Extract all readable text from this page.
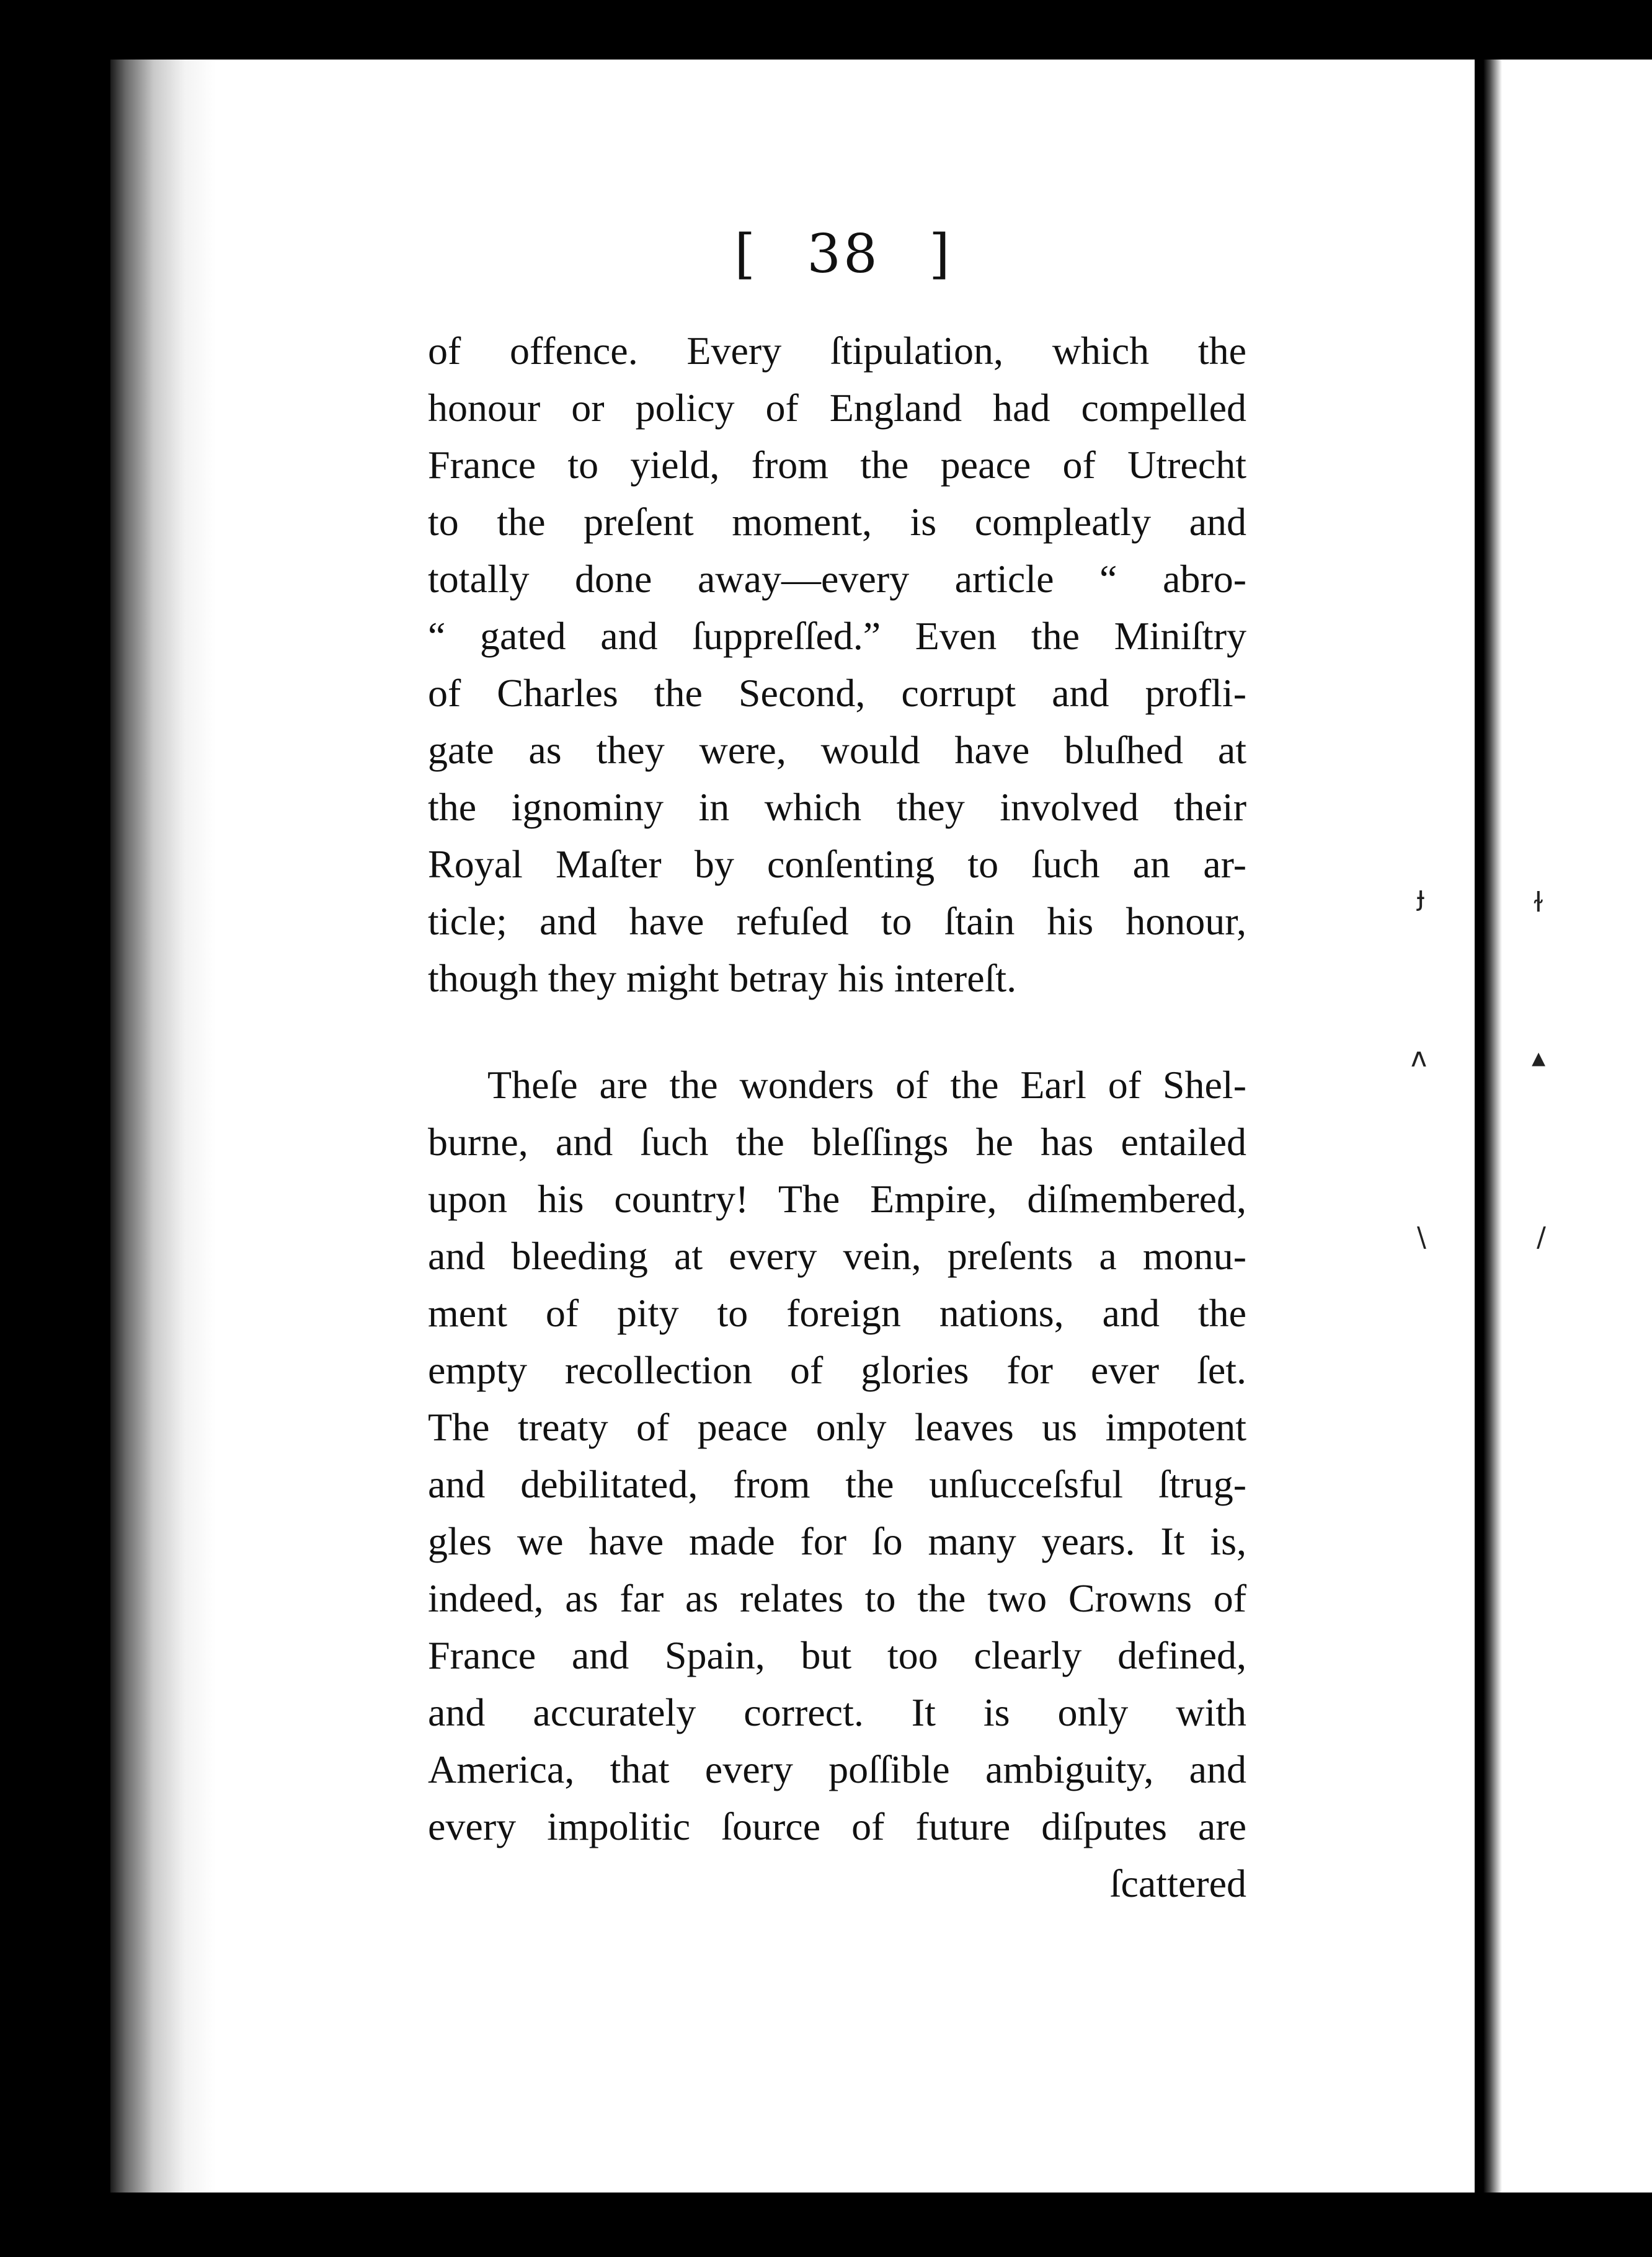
[ 38 ]
of offence. Every ſtipulation, which the
honour or policy of England had compelled
France to yield, from the peace of Utrecht
to the preſent moment, is compleatly and
totally done away—every article “ abro-
“ gated and ſuppreſſed.” Even the Miniſtry
of Charles the Second, corrupt and profli-
gate as they were, would have bluſhed at
the ignominy in which they involved their
Royal Maſter by conſenting to ſuch an ar-
ticle; and have refuſed to ſtain his honour,
though they might betray his intereſt.
Theſe are the wonders of the Earl of Shel-
burne, and ſuch the bleſſings he has entailed
upon his country! The Empire, diſmembered,
and bleeding at every vein, preſents a monu-
ment of pity to foreign nations, and the
empty recollection of glories for ever ſet.
The treaty of peace only leaves us impotent
and debilitated, from the unſucceſsful ſtrug-
gles we have made for ſo many years. It is,
indeed, as far as relates to the two Crowns of
France and Spain, but too clearly defined,
and accurately correct. It is only with
America, that every poſſible ambiguity, and
every impolitic ſource of future diſputes are
ſcattered
ɟ	ɫ
ᴧ	▴
\	/
